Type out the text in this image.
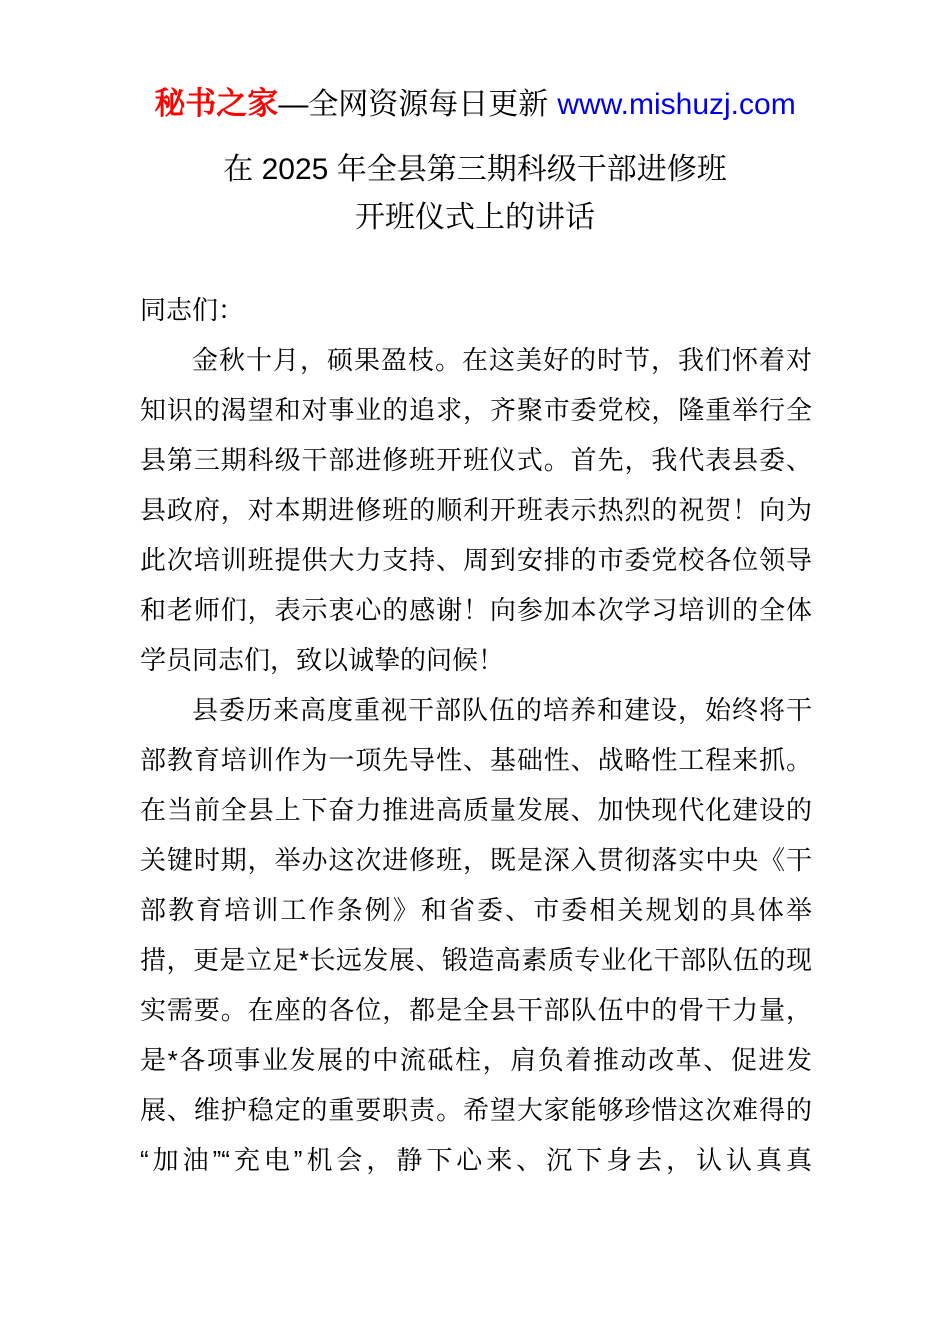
秘书之家—全网资源每日更新 www.mishuzj.com
在 2025 年全县第三期科级干部进修班
开班仪式上的讲话
同志们：
金秋十月，硕果盈枝。在这美好的时节，我们怀着对
知识的渴望和对事业的追求，齐聚市委党校，隆重举行全
县第三期科级干部进修班开班仪式。首先，我代表县委、
县政府，对本期进修班的顺利开班表示热烈的祝贺！向为
此次培训班提供大力支持、周到安排的市委党校各位领导
和老师们，表示衷心的感谢！向参加本次学习培训的全体
学员同志们，致以诚挚的问候！
县委历来高度重视干部队伍的培养和建设，始终将干
部教育培训作为一项先导性、基础性、战略性工程来抓。
在当前全县上下奋力推进高质量发展、加快现代化建设的
关键时期，举办这次进修班，既是深入贯彻落实中央《干
部教育培训工作条例》和省委、市委相关规划的具体举
措，更是立足*长远发展、锻造高素质专业化干部队伍的现
实需要。在座的各位，都是全县干部队伍中的骨干力量，
是*各项事业发展的中流砥柱，肩负着推动改革、促进发
展、维护稳定的重要职责。希望大家能够珍惜这次难得的
“加油”“充电”机会，静下心来、沉下身去，认认真真
